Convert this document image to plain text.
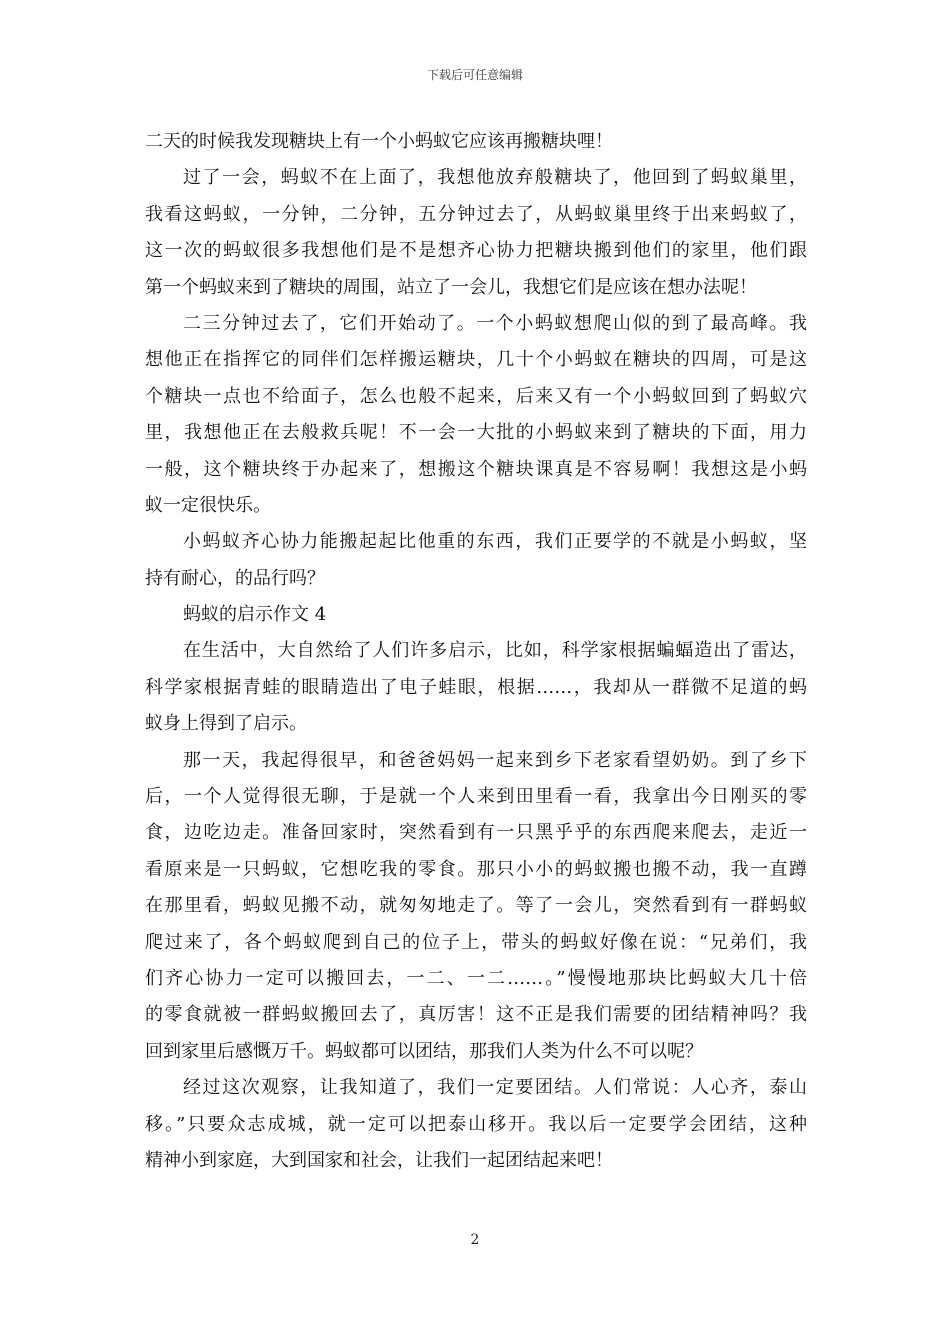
下载后可任意编辑
二天的时候我发现糖块上有一个小蚂蚁它应该再搬糖块哩！
过了一会，蚂蚁不在上面了，我想他放弃般糖块了，他回到了蚂蚁巢里，
我看这蚂蚁，一分钟，二分钟，五分钟过去了，从蚂蚁巢里终于出来蚂蚁了，
这一次的蚂蚁很多我想他们是不是想齐心协力把糖块搬到他们的家里，他们跟
第一个蚂蚁来到了糖块的周围，站立了一会儿，我想它们是应该在想办法呢！
二三分钟过去了，它们开始动了。一个小蚂蚁想爬山似的到了最高峰。我
想他正在指挥它的同伴们怎样搬运糖块，几十个小蚂蚁在糖块的四周，可是这
个糖块一点也不给面子，怎么也般不起来，后来又有一个小蚂蚁回到了蚂蚁穴
里，我想他正在去般救兵呢！不一会一大批的小蚂蚁来到了糖块的下面，用力
一般，这个糖块终于办起来了，想搬这个糖块课真是不容易啊！我想这是小蚂
蚁一定很快乐。
小蚂蚁齐心协力能搬起起比他重的东西，我们正要学的不就是小蚂蚁，坚
持有耐心，的品行吗？
蚂蚁的启示作文 4
在生活中，大自然给了人们许多启示，比如，科学家根据蝙蝠造出了雷达，
科学家根据青蛙的眼睛造出了电子蛙眼，根据……，我却从一群微不足道的蚂
蚁身上得到了启示。
那一天，我起得很早，和爸爸妈妈一起来到乡下老家看望奶奶。到了乡下
后，一个人觉得很无聊，于是就一个人来到田里看一看，我拿出今日刚买的零
食，边吃边走。准备回家时，突然看到有一只黑乎乎的东西爬来爬去，走近一
看原来是一只蚂蚁，它想吃我的零食。那只小小的蚂蚁搬也搬不动，我一直蹲
在那里看，蚂蚁见搬不动，就匆匆地走了。等了一会儿，突然看到有一群蚂蚁
爬过来了，各个蚂蚁爬到自己的位子上，带头的蚂蚁好像在说：“兄弟们，我
们齐心协力一定可以搬回去，一二、一二……。”慢慢地那块比蚂蚁大几十倍
的零食就被一群蚂蚁搬回去了，真厉害！这不正是我们需要的团结精神吗？我
回到家里后感慨万千。蚂蚁都可以团结，那我们人类为什么不可以呢？
经过这次观察，让我知道了，我们一定要团结。人们常说：人心齐，泰山
移。”只要众志成城，就一定可以把泰山移开。我以后一定要学会团结，这种
精神小到家庭，大到国家和社会，让我们一起团结起来吧！
2
